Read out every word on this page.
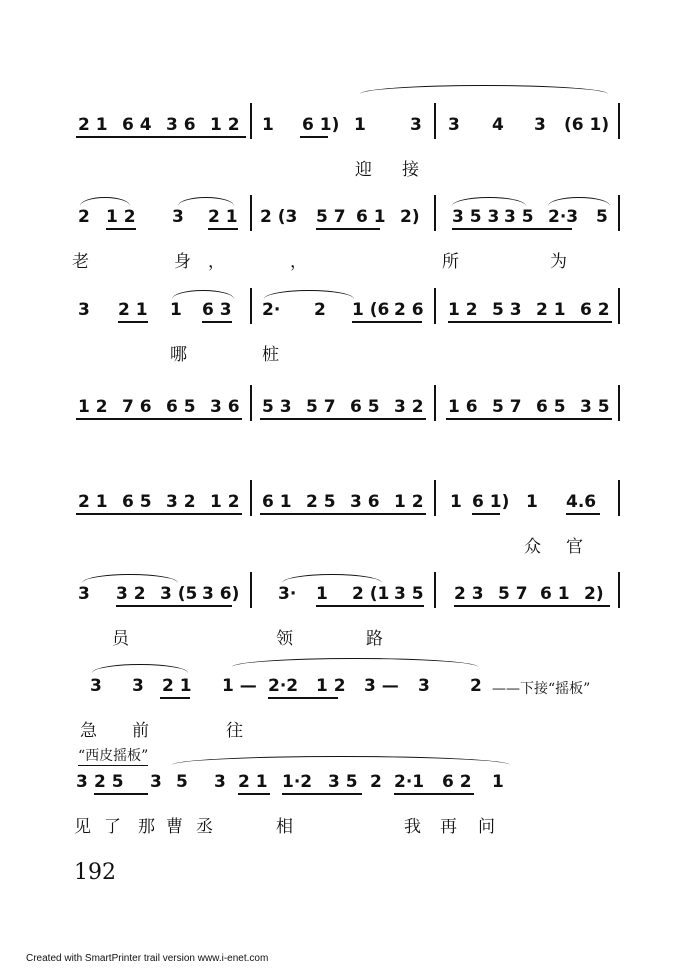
2 1 6 4 3 6 1 2 1 6 1) 1	3 3 4 3 (6 1)
迎 接
2 1 2 3 2 1 2 (3 5 7 6 1 2) 3 5 3 3 5 2·3 5
老	身 ，	，	所	为
3 2 1 1 6 3 2· 2 1 (6 2 6 1 2 5 3 2 1 6 2
哪	桩
1 2 7 6 6 5 3 6 5 3 5 7 6 5 3 2 1 6 5 7 6 5 3 5
2 1 6 5 3 2 1 2 6 1 2 5 3 6 1 2 1 6 1) 1 4.6
众 官
3 3 2 3 (5 3 6) 3· 1 2 (1 3 5 2 3 5 7 6 1 2)
员	领	路
3 3 2 1 1 — 2·2 1 2 3 — 3 2 ——下接“摇板”
急 前	往
“西皮摇板”
3 2 5 3 5 3 2 1 1·2 3 5 2 2·1 6 2 1
见 了 那 曹 丞	相	我 再 问
192
Created with SmartPrinter trail version www.i-enet.com
